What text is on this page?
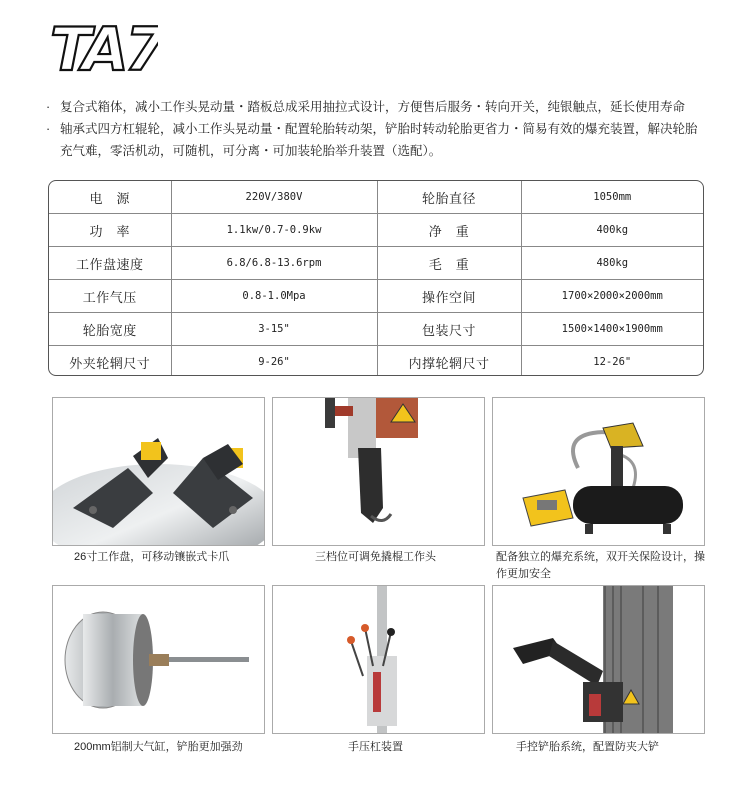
TA7
· 复合式箱体，减小工作头晃动量・踏板总成采用抽拉式设计，方便售后服务・转向开关，纯银触点，延长使用寿命
· 轴承式四方杠辊轮，减小工作头晃动量・配置轮胎转动架，铲胎时转动轮胎更省力・简易有效的爆充装置，解决轮胎充气难，零活机动，可随机，可分离・可加装轮胎举升装置（选配）。
电　源	220V/380V	轮胎直径	1050mm
功　率	1.1kw/0.7-0.9kw	净　重	400kg
工作盘速度	6.8/6.8-13.6rpm	毛　重	480kg
工作气压	0.8-1.0Mpa	操作空间	1700×2000×2000mm
轮胎宽度	3-15"	包装尺寸	1500×1400×1900mm
外夹轮辋尺寸	9-26"	内撑轮辋尺寸	12-26"
26寸工作盘，可移动镶嵌式卡爪	三档位可调免撬棍工作头	配备独立的爆充系统，双开关保险设计，操作更加安全
200mm铝制大气缸，铲胎更加强劲	手压杠装置	手控铲胎系统，配置防夹大铲
